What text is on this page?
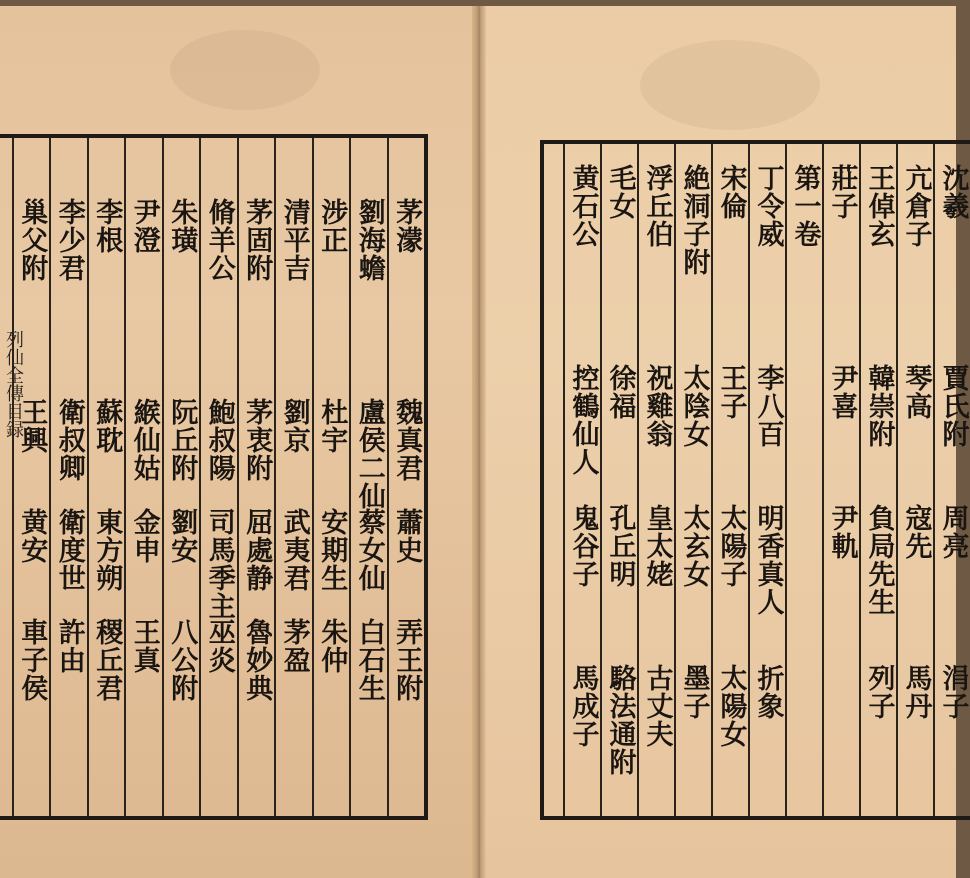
列仙全傳目録
茅濛
魏真君
蕭史
弄王附
劉海蟾
盧侯二仙
蔡女仙
白石生
涉正
杜宇
安期生
朱仲
清平吉
劉京
武夷君
茅盈
茅固附
茅衷附
屈處静
魯妙典
脩羊公
鮑叔陽
司馬季主
巫炎
朱璜
阮丘附
劉安
八公附
尹澄
緱仙姑
金申
王真
李根
蘇耽
東方朔
稷丘君
李少君
衛叔卿
衛度世
許由
巢父附
王興
黄安
車子侯
沈羲
賈氏附
周亮
涓子
亢倉子
琴高
寇先
馬丹
王倬玄
韓崇附
負局先生
列子
莊子
尹喜
尹軌
第一卷
丁令威
李八百
明香真人
折象
宋倫
王子
太陽子
太陽女
絶洞子附
太陰女
太玄女
墨子
浮丘伯
祝雞翁
皇太姥
古丈夫
毛女
徐福
孔丘明
駱法通附
黄石公
控鶴仙人
鬼谷子
馬成子
